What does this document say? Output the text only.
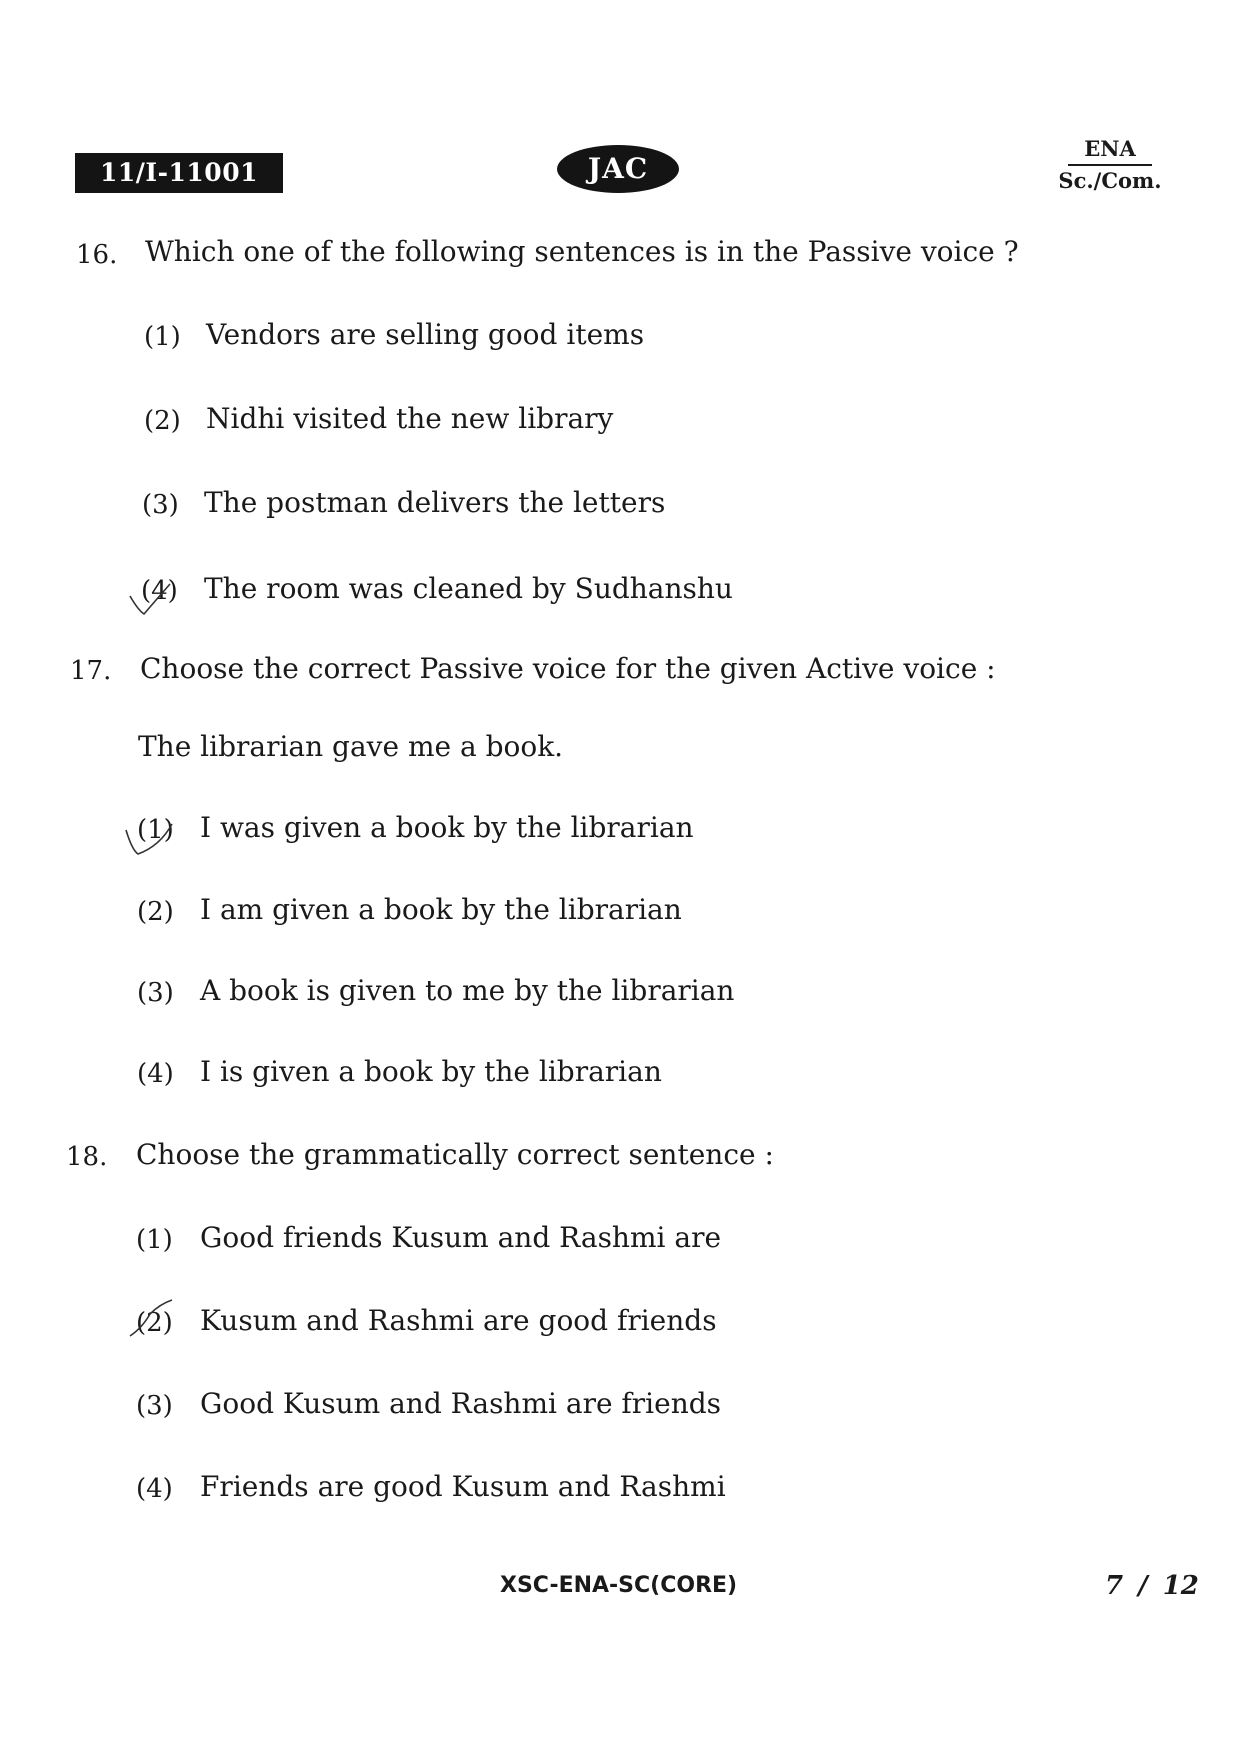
11/I-11001	JAC
ENA
Sc./Com.
16. Which one of the following sentences is in the Passive voice ?
(1) Vendors are selling good items
(2) Nidhi visited the new library
(3) The postman delivers the letters
(4) The room was cleaned by Sudhanshu
17. Choose the correct Passive voice for the given Active voice :
The librarian gave me a book.
(1) I was given a book by the librarian
(2) I am given a book by the librarian
(3) A book is given to me by the librarian
(4) I is given a book by the librarian
18. Choose the grammatically correct sentence :
(1) Good friends Kusum and Rashmi are
(2) Kusum and Rashmi are good friends
(3) Good Kusum and Rashmi are friends
(4) Friends are good Kusum and Rashmi
XSC-ENA-SC(CORE)	7 / 12
